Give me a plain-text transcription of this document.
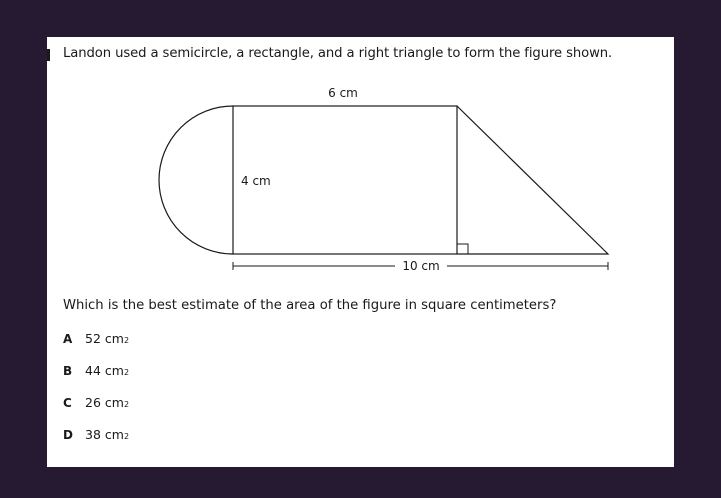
Landon used a semicircle, a rectangle, and a right triangle to form the figure shown.
6 cm
4 cm
10 cm
Which is the best estimate of the area of the figure in square centimeters?
A	52 cm 2
B	44 cm 2
C	26 cm 2
D 38 cm 2
